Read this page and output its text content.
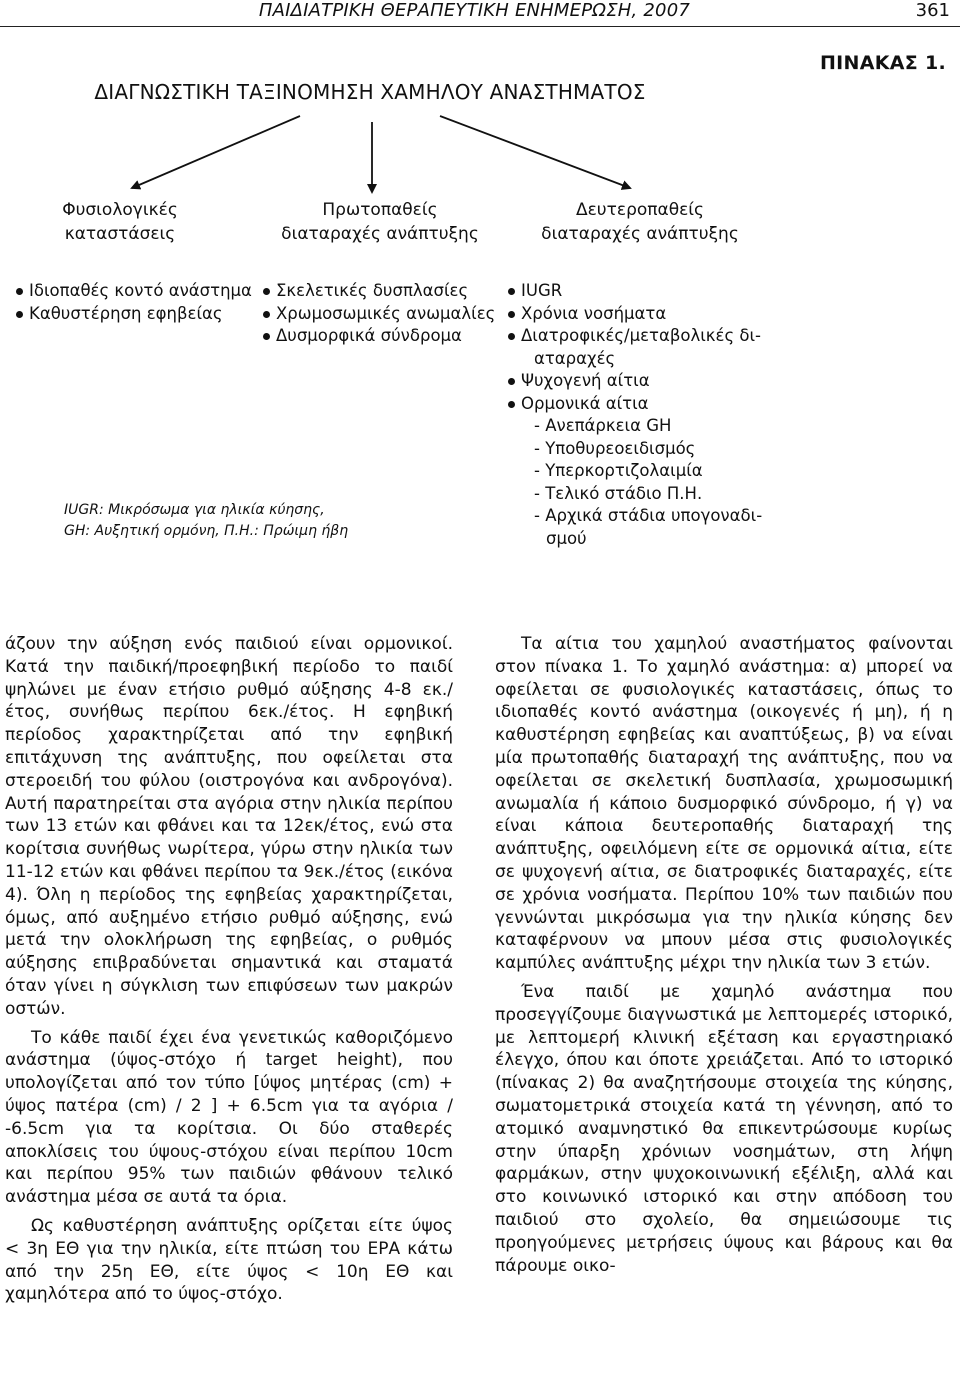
ΠΑΙΔΙΑΤΡΙΚΗ ΘΕΡΑΠΕΥΤΙΚΗ ΕΝΗΜΕΡΩΣΗ, 2007	361
ΠΙΝΑΚΑΣ 1.
ΔΙΑΓΝΩΣΤΙΚΗ ΤΑΞΙΝΟΜΗΣΗ ΧΑΜΗΛΟΥ ΑΝΑΣΤΗΜΑΤΟΣ
Φυσιολογικές
καταστάσεις
Πρωτοπαθείς
διαταραχές ανάπτυξης
Δευτεροπαθείς
διαταραχές ανάπτυξης
Ιδιοπαθές κοντό ανάστημα
Καθυστέρηση εφηβείας
Σκελετικές δυσπλασίες
Χρωμοσωμικές ανωμαλίες
Δυσμορφικά σύνδρομα
IUGR
Χρόνια νοσήματα
Διατροφικές/μεταβολικές δι-
αταραχές
Ψυχογενή αίτια
Ορμονικά αίτια
- Ανεπάρκεια GH
- Υποθυρεοειδισμός
- Υπερκορτιζολαιμία
- Τελικό στάδιο Π.Η.
- Αρχικά στάδια υπογοναδι-
σμού
IUGR: Μικρόσωμα για ηλικία κύησης,
GH: Αυξητική ορμόνη, Π.Η.: Πρώιμη ήβη

άζουν την αύξηση ενός παιδιού είναι ορμονικοί. Κατά την παιδική/προεφηβική περίοδο το παιδί ψηλώνει με έναν ετήσιο ρυθμό αύξησης 4-8 εκ./έτος, συνήθως περίπου 6εκ./έτος. Η εφηβική περίοδος χαρακτηρίζεται από την εφηβική επιτάχυνση της ανάπτυξης, που οφείλεται στα στεροειδή του φύλου (οιστρογόνα και ανδρογόνα). Αυτή παρατηρείται στα αγόρια στην ηλικία περίπου των 13 ετών και φθάνει και τα 12εκ/έτος, ενώ στα κορίτσια συνήθως νωρίτερα, γύρω στην ηλικία των 11-12 ετών και φθάνει περίπου τα 9εκ./έτος (εικόνα 4). Όλη η περίοδος της εφηβείας χαρακτηρίζεται, όμως, από αυξημένο ετήσιο ρυθμό αύξησης, ενώ μετά την ολοκλήρωση της εφηβείας, ο ρυθμός αύξησης επιβραδύνεται σημαντικά και σταματά όταν γίνει η σύγκλιση των επιφύσεων των μακρών οστών.

Το κάθε παιδί έχει ένα γενετικώς καθοριζόμενο ανάστημα (ύψος-στόχο ή target height), που υπολογίζεται από τον τύπο [ύψος μητέρας (cm) + ύψος πατέρα (cm) / 2 ] + 6.5cm για τα αγόρια / -6.5cm για τα κορίτσια. Οι δύο σταθερές αποκλίσεις του ύψους-στόχου είναι περίπου 10cm και περίπου 95% των παιδιών φθάνουν τελικό ανάστημα μέσα σε αυτά τα όρια.

Ως καθυστέρηση ανάπτυξης ορίζεται είτε ύψος < 3η ΕΘ για την ηλικία, είτε πτώση του ΕΡΑ κάτω από την 25η ΕΘ, είτε ύψος < 10η ΕΘ και χαμηλότερα από το ύψος-στόχο.

Τα αίτια του χαμηλού αναστήματος φαίνονται στον πίνακα 1. Το χαμηλό ανάστημα: α) μπορεί να οφείλεται σε φυσιολογικές καταστάσεις, όπως το ιδιοπαθές κοντό ανάστημα (οικογενές ή μη), ή η καθυστέρηση εφηβείας και αναπτύξεως, β) να είναι μία πρωτοπαθής διαταραχή της ανάπτυξης, που να οφείλεται σε σκελετική δυσπλασία, χρωμοσωμική ανωμαλία ή κάποιο δυσμορφικό σύνδρομο, ή γ) να είναι κάποια δευτεροπαθής διαταραχή της ανάπτυξης, οφειλόμενη είτε σε ορμονικά αίτια, είτε σε ψυχογενή αίτια, σε διατροφικές διαταραχές, είτε σε χρόνια νοσήματα. Περίπου 10% των παιδιών που γεννώνται μικρόσωμα για την ηλικία κύησης δεν καταφέρνουν να μπουν μέσα στις φυσιολογικές καμπύλες ανάπτυξης μέχρι την ηλικία των 3 ετών.

Ένα παιδί με χαμηλό ανάστημα που προσεγγίζουμε διαγνωστικά με λεπτομερές ιστορικό, με λεπτομερή κλινική εξέταση και εργαστηριακό έλεγχο, όπου και όποτε χρειάζεται. Από το ιστορικό (πίνακας 2) θα αναζητήσουμε στοιχεία της κύησης, σωματομετρικά στοιχεία κατά τη γέννηση, από το ατομικό αναμνηστικό θα επικεντρώσουμε κυρίως στην ύπαρξη χρόνιων νοσημάτων, στη λήψη φαρμάκων, στην ψυχοκοινωνική εξέλιξη, αλλά και στο κοινωνικό ιστορικό και στην απόδοση του παιδιού στο σχολείο, θα σημειώσουμε τις προηγούμενες μετρήσεις ύψους και βάρους και θα πάρουμε οικο-
